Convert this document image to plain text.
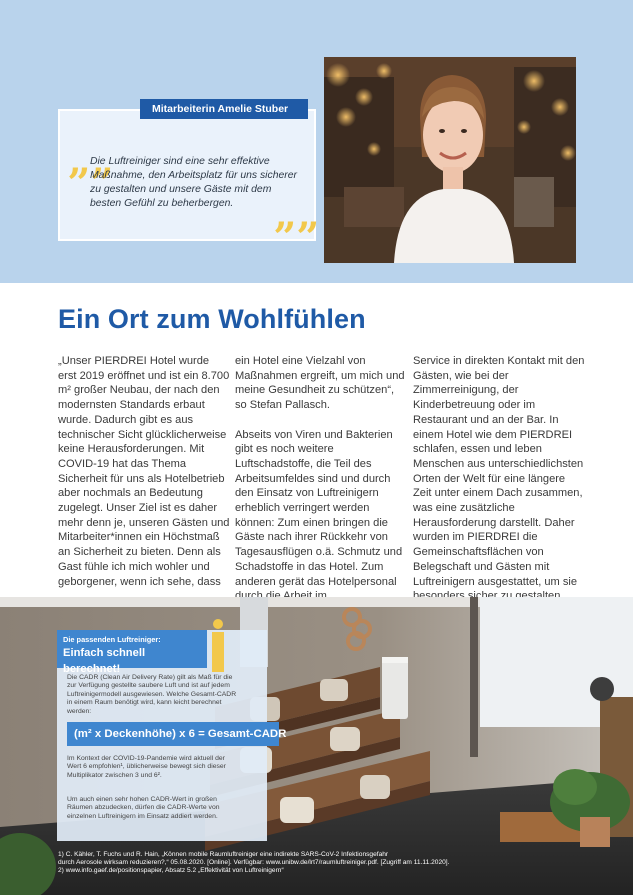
„„
Die Luftreiniger sind eine sehr effektive Maßnahme, den Arbeitsplatz für uns sicherer zu gestalten und unsere Gäste mit dem besten Gefühl zu beherbergen.	„„
Mitarbeiterin Amelie Stuber
Ein Ort zum Wohlfühlen

„Unser PIERDREI Hotel wurde erst 2019 eröffnet und ist ein 8.700 m² großer Neubau, der nach den modernsten Standards erbaut wurde. Dadurch gibt es aus technischer Sicht glücklicherweise keine Herausforderungen. Mit COVID-19 hat das Thema Sicherheit für uns als Hotelbetrieb aber nochmals an Bedeutung zugelegt. Unser Ziel ist es daher mehr denn je, unseren Gästen und Mitarbeiter*innen ein Höchstmaß an Sicherheit zu bieten. Denn als Gast fühle ich mich wohler und geborgener, wenn ich sehe, dass

ein Hotel eine Vielzahl von Maßnahmen ergreift, um mich und meine Gesundheit zu schützen“, so Stefan Pallasch.

Abseits von Viren und Bakterien gibt es noch weitere Luftschadstoffe, die Teil des Arbeitsumfeldes sind und durch den Einsatz von Luftreinigern erheblich verringert werden können: Zum einen bringen die Gäste nach ihrer Rückkehr von Tagesausflügen o.ä. Schmutz und Schadstoffe in das Hotel. Zum anderen gerät das Hotelpersonal

Service in direkten Kontakt mit den Gästen, wie bei der Zimmerreinigung, der Kinderbetreuung oder im Restaurant und an der Bar. In einem Hotel wie dem PIERDREI schlafen, essen und leben Menschen aus unterschiedlichsten Orten der Welt für eine längere Zeit unter einem Dach zusammen, was eine zusätzliche Herausforderung darstellt. Daher wurden im PIERDREI die Gemeinschaftsflächen von Belegschaft und Gästen mit Luftreinigern ausgestattet, um sie

Die passenden Luftreiniger:
Einfach schnell berechnet!
Die CADR (Clean Air Delivery Rate) gilt als Maß für die zur Verfügung gestellte saubere Luft und ist auf jedem Luftreinigermodell ausgewiesen. Welche Gesamt-CADR in einem Raum benötigt wird, kann leicht berechnet werden:
(m² x Deckenhöhe) x 6 = Gesamt-CADR
Im Kontext der COVID-19-Pandemie wird aktuell der Wert 6 empfohlen¹, üblicherweise bewegt sich dieser Multiplikator zwischen 3 und 6².
Um auch einen sehr hohen CADR-Wert in großen Räumen abzudecken, dürfen die CADR-Werte von einzelnen Luftreinigern im Einsatz addiert werden.
1) C. Kähler, T. Fuchs und R. Hain, „Können mobile Raumluftreiniger eine indirekte SARS-CoV-2 Infektionsgefahr
durch Aerosole wirksam reduzieren?,“ 05.08.2020. [Online]. Verfügbar: www.unibw.de/lrt7/raumluftreiniger.pdf. [Zugriff am 11.11.2020].
2) www.info.gaef.de/positionspapier, Absatz 5.2 „Effektivität von Luftreinigern“
